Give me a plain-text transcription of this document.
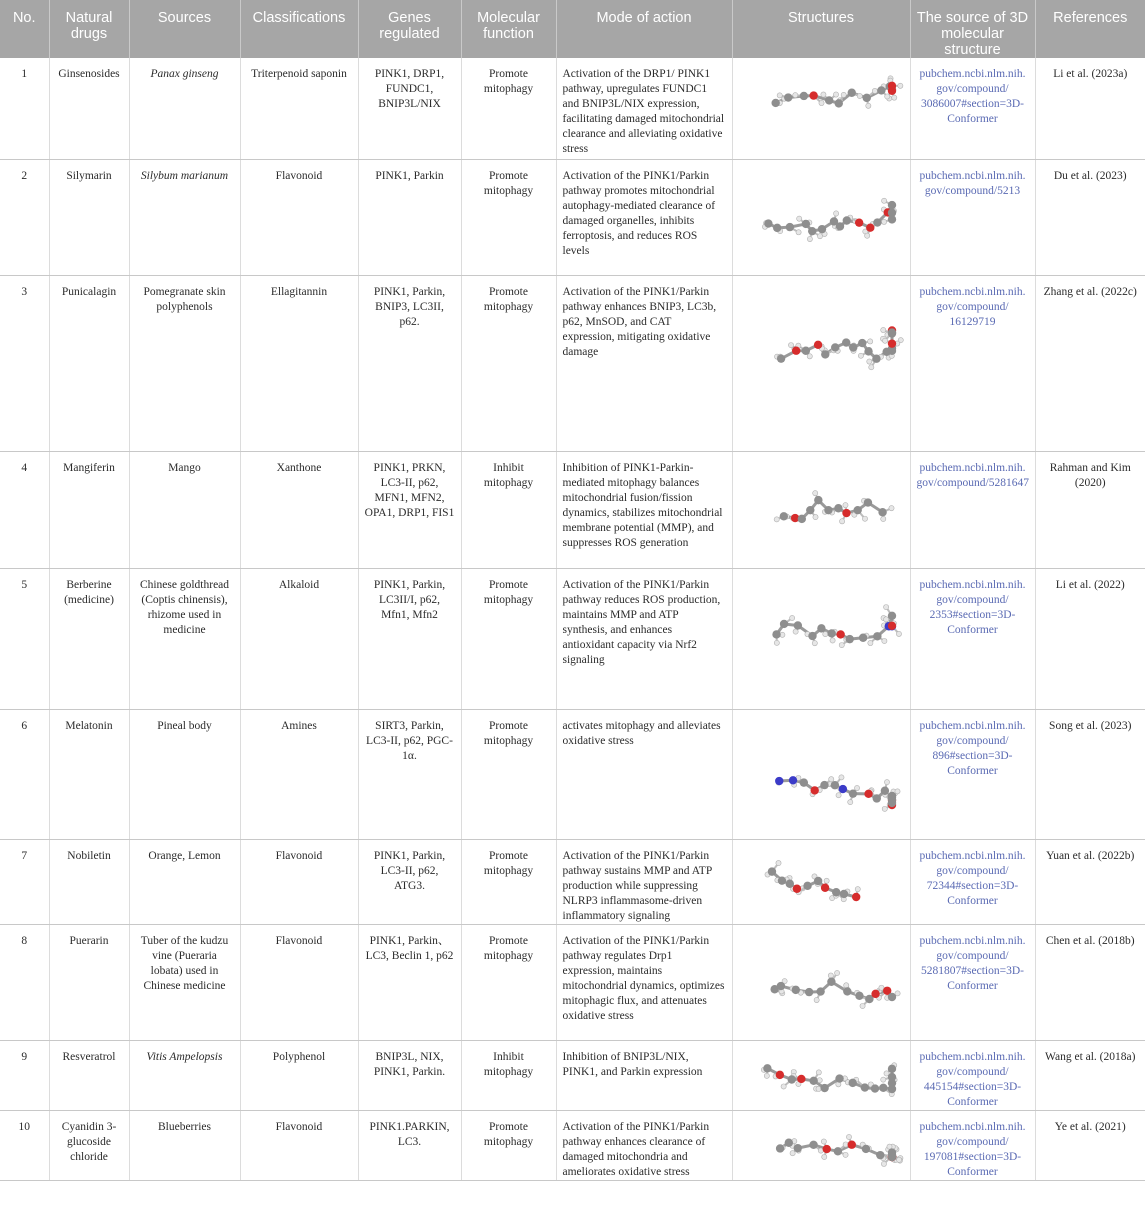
No.	Natural drugs	Sources	Classifications	Genes regulated	Molecular function	Mode of action	Structures	The source of 3D molecular structure	References
1	Ginsenosides	Panax ginseng	Triterpenoid saponin	PINK1, DRP1, FUNDC1, BNIP3L/NIX	Promote mitophagy	Activation of the DRP1/ PINK1 pathway, upregulates FUNDC1 and BNIP3L/NIX expression, facilitating damaged mitochondrial clearance and alleviating oxidative stress		pubchem.ncbi.nlm.nih. gov/compound/ 3086007#section=3D- Conformer	Li et al. (2023a)
2	Silymarin	Silybum marianum	Flavonoid	PINK1, Parkin	Promote mitophagy	Activation of the PINK1/Parkin pathway promotes mitochondrial autophagy-mediated clearance of damaged organelles, inhibits ferroptosis, and reduces ROS levels		pubchem.ncbi.nlm.nih. gov/compound/5213	Du et al. (2023)
3	Punicalagin	Pomegranate skin polyphenols	Ellagitannin	PINK1, Parkin, BNIP3, LC3II, p62.	Promote mitophagy	Activation of the PINK1/Parkin pathway enhances BNIP3, LC3b, p62, MnSOD, and CAT expression, mitigating oxidative damage		pubchem.ncbi.nlm.nih. gov/compound/ 16129719	Zhang et al. (2022c)
4	Mangiferin	Mango	Xanthone	PINK1, PRKN, LC3-II, p62, MFN1, MFN2, OPA1, DRP1, FIS1	Inhibit mitophagy	Inhibition of PINK1-Parkin-mediated mitophagy balances mitochondrial fusion/fission dynamics, stabilizes mitochondrial membrane potential (MMP), and suppresses ROS generation		pubchem.ncbi.nlm.nih. gov/compound/5281647	Rahman and Kim (2020)
5	Berberine (medicine)	Chinese goldthread (Coptis chinensis), rhizome used in medicine	Alkaloid	PINK1, Parkin, LC3II/I, p62, Mfn1, Mfn2	Promote mitophagy	Activation of the PINK1/Parkin pathway reduces ROS production, maintains MMP and ATP synthesis, and enhances antioxidant capacity via Nrf2 signaling		pubchem.ncbi.nlm.nih. gov/compound/ 2353#section=3D- Conformer	Li et al. (2022)
6	Melatonin	Pineal body	Amines	SIRT3, Parkin, LC3-II, p62, PGC-1α.	Promote mitophagy	activates mitophagy and alleviates oxidative stress		pubchem.ncbi.nlm.nih. gov/compound/ 896#section=3D- Conformer	Song et al. (2023)
7	Nobiletin	Orange, Lemon	Flavonoid	PINK1, Parkin, LC3-II, p62, ATG3.	Promote mitophagy	Activation of the PINK1/Parkin pathway sustains MMP and ATP production while suppressing NLRP3 inflammasome-driven inflammatory signaling		pubchem.ncbi.nlm.nih. gov/compound/ 72344#section=3D- Conformer	Yuan et al. (2022b)
8	Puerarin	Tuber of the kudzu vine (Pueraria lobata) used in Chinese medicine	Flavonoid	PINK1, Parkin、 LC3, Beclin 1, p62	Promote mitophagy	Activation of the PINK1/Parkin pathway regulates Drp1 expression, maintains mitochondrial dynamics, optimizes mitophagic flux, and attenuates oxidative stress		pubchem.ncbi.nlm.nih. gov/compound/ 5281807#section=3D- Conformer	Chen et al. (2018b)
9	Resveratrol	Vitis Ampelopsis	Polyphenol	BNIP3L, NIX, PINK1, Parkin.	Inhibit mitophagy	Inhibition of BNIP3L/NIX, PINK1, and Parkin expression		pubchem.ncbi.nlm.nih. gov/compound/ 445154#section=3D- Conformer	Wang et al. (2018a)
10	Cyanidin 3-glucoside chloride	Blueberries	Flavonoid	PINK1.PARKIN, LC3.	Promote mitophagy	Activation of the PINK1/Parkin pathway enhances clearance of damaged mitochondria and ameliorates oxidative stress		pubchem.ncbi.nlm.nih. gov/compound/ 197081#section=3D- Conformer	Ye et al. (2021)
